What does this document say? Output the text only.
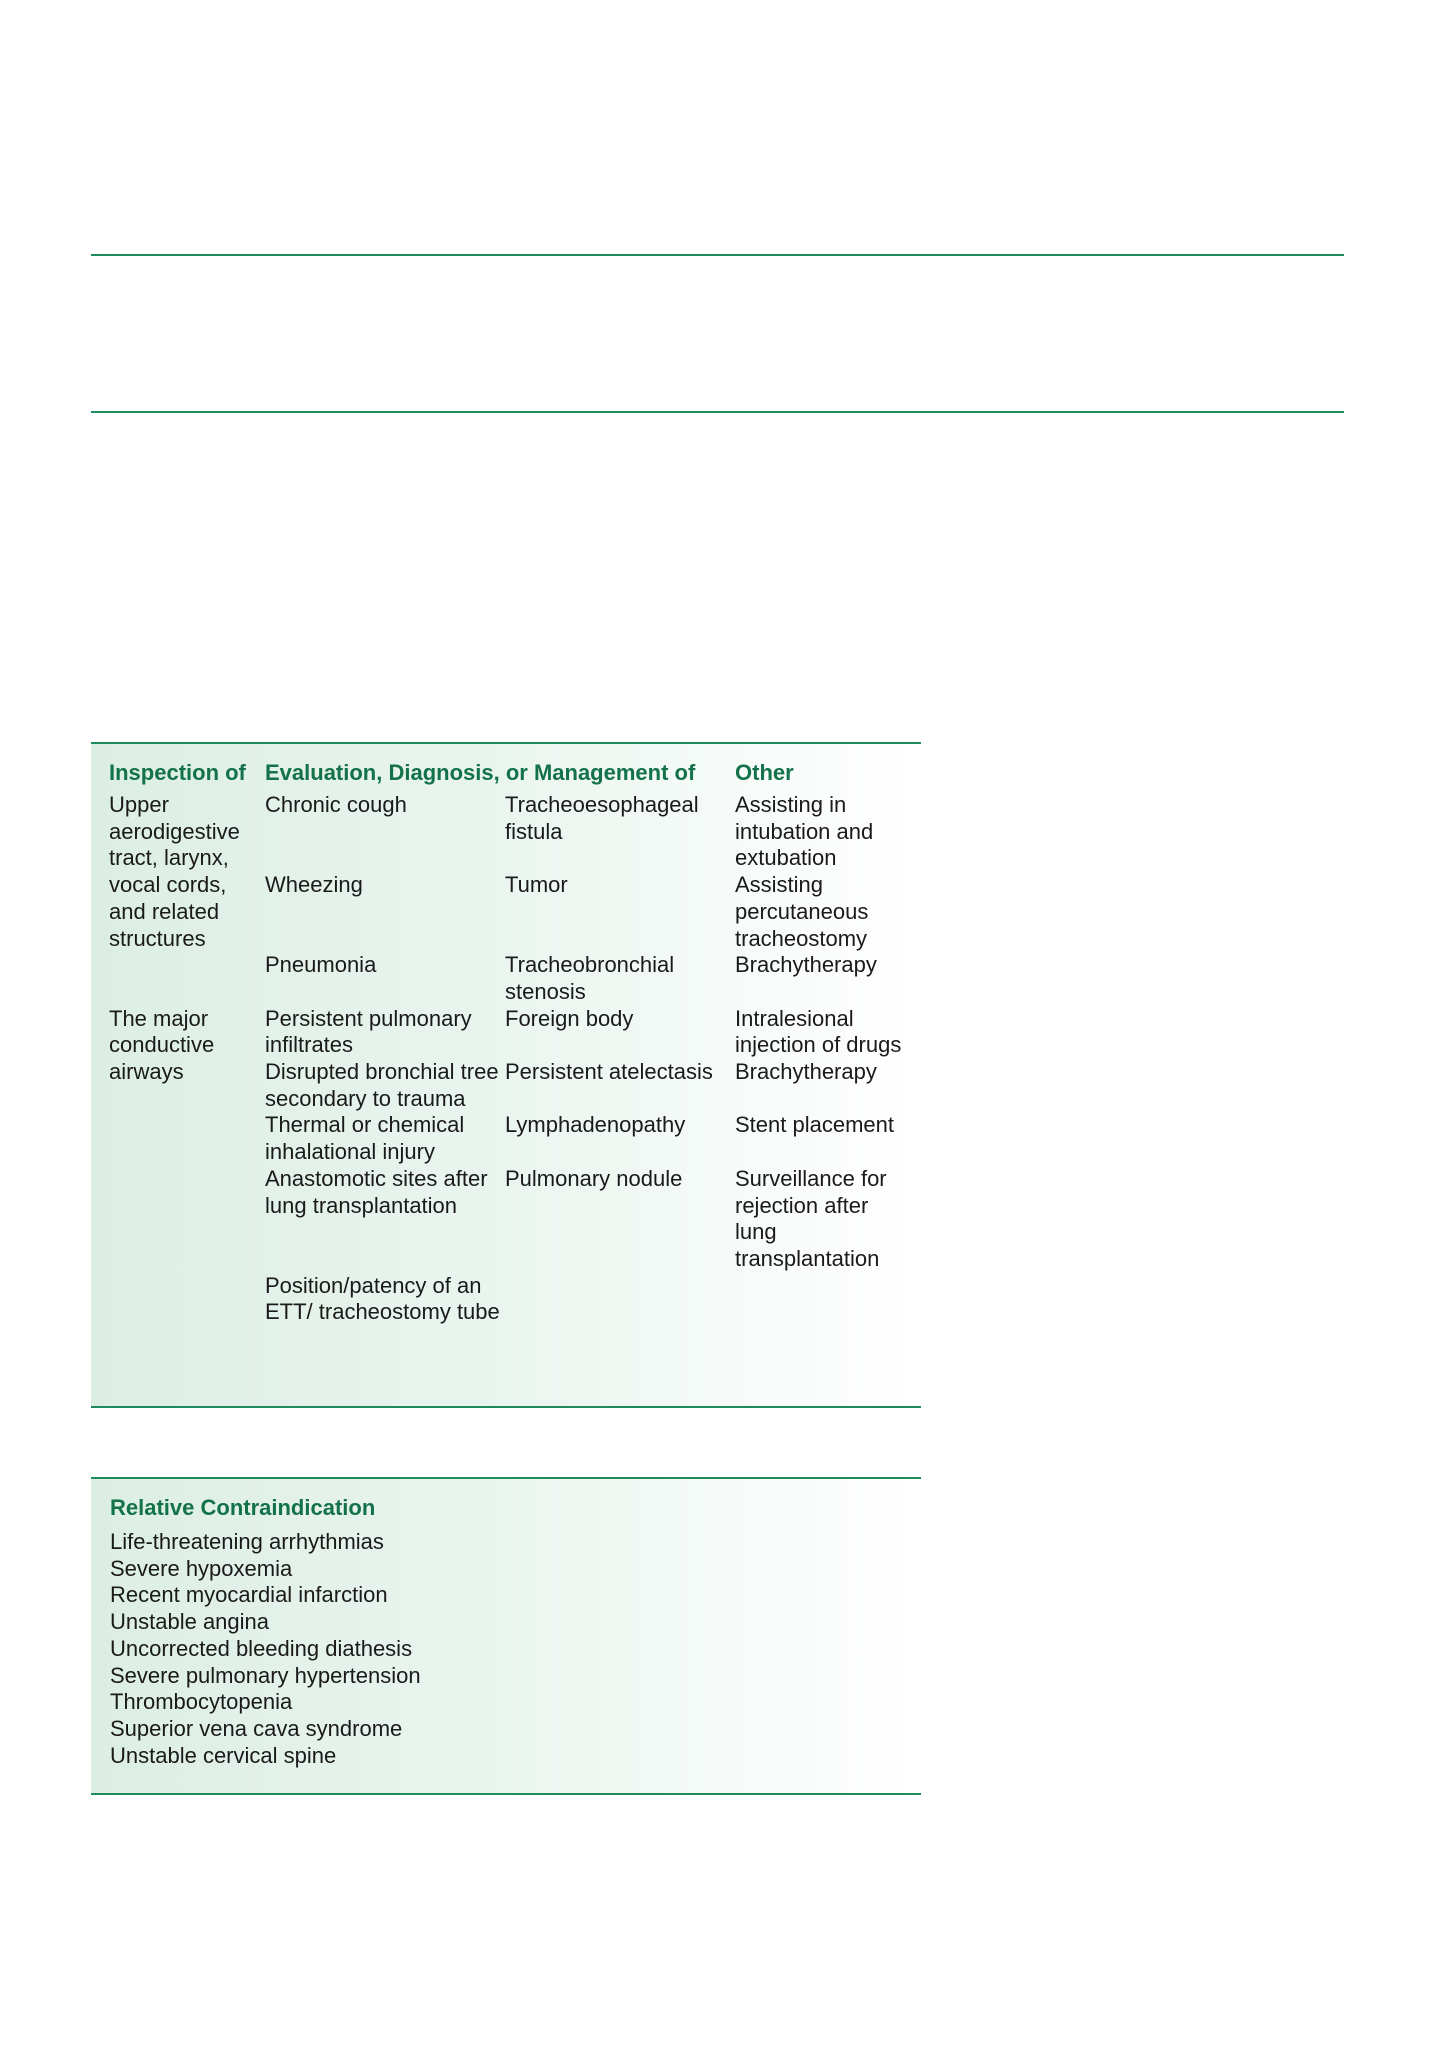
Inspection of	Evaluation, Diagnosis, or Management of		Other
Upper aerodigestive tract, larynx, vocal cords, and related structures	Chronic cough	Tracheoesophageal fistula	Assisting in intubation and extubation
	Wheezing	Tumor	Assisting percutaneous tracheostomy
	Pneumonia	Tracheobronchial stenosis	Brachytherapy
The major conductive airways	Persistent pulmonary infiltrates	Foreign body	Intralesional injection of drugs
	Disrupted bronchial tree secondary to trauma	Persistent atelectasis	Brachytherapy
	Thermal or chemical inhalational injury	Lymphadenopathy	Stent placement
	Anastomotic sites after lung transplantation	Pulmonary nodule	Surveillance for rejection after lung transplantation
	Position/patency of an ETT/ tracheostomy tube		
Relative Contraindication
Life-threatening arrhythmias
Severe hypoxemia
Recent myocardial infarction
Unstable angina
Uncorrected bleeding diathesis
Severe pulmonary hypertension
Thrombocytopenia
Superior vena cava syndrome
Unstable cervical spine
